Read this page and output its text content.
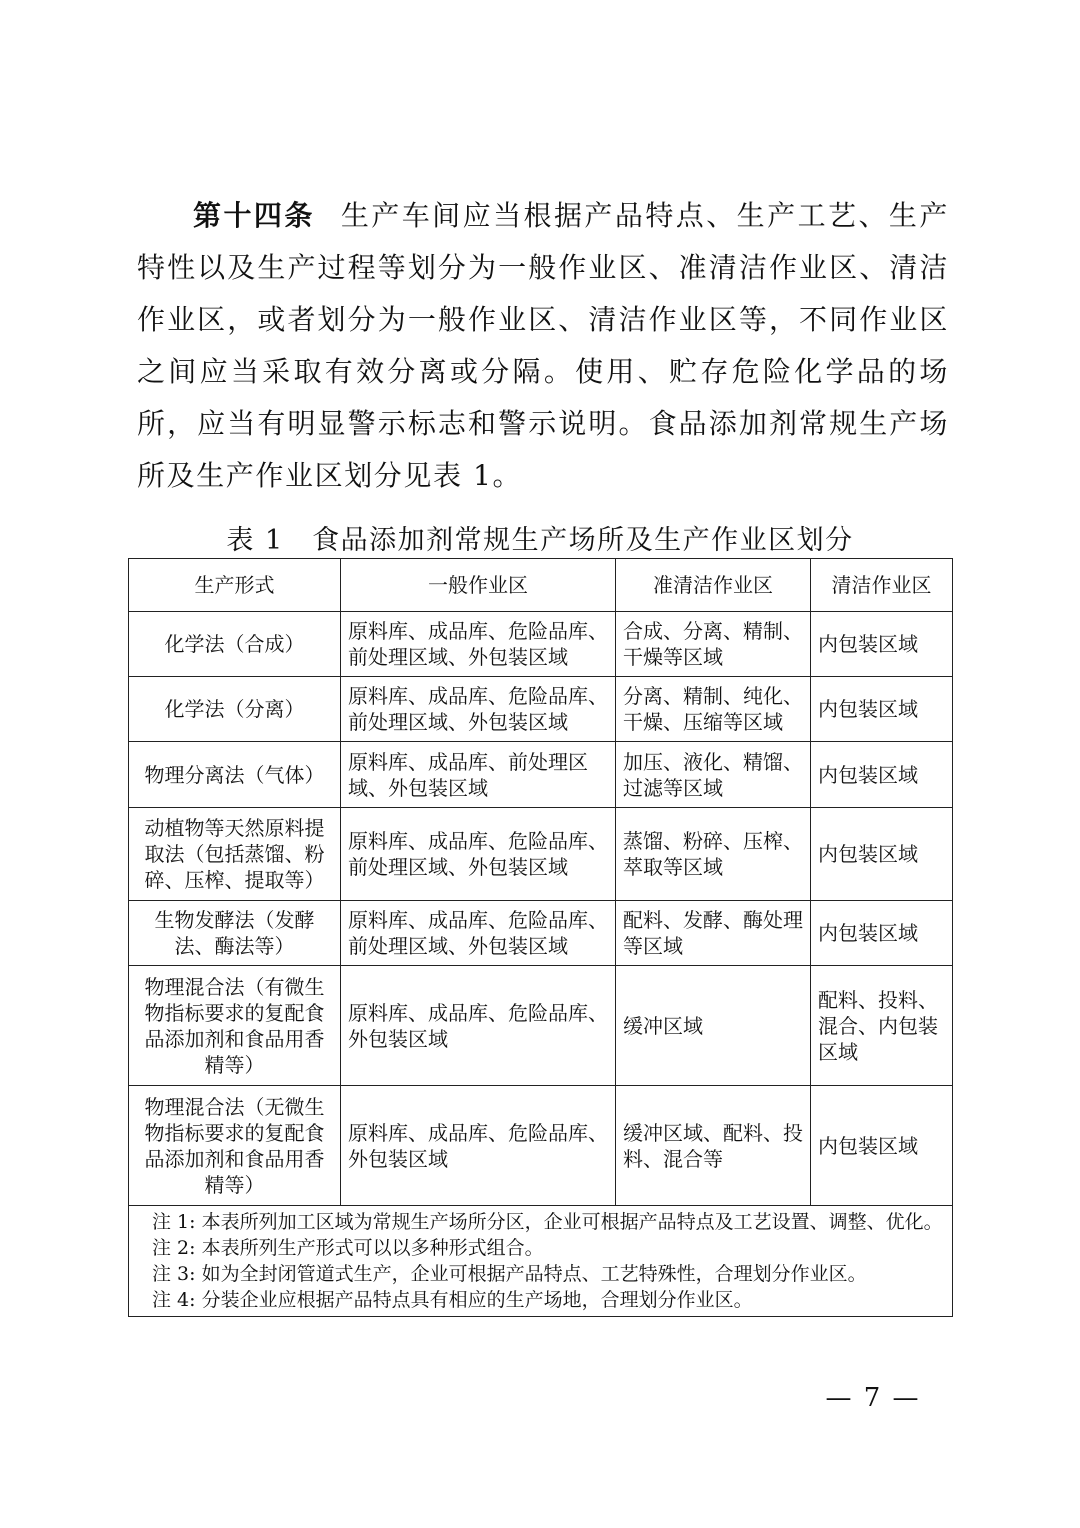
第十四条 生产车间应当根据产品特点、生产工艺、生产特性以及生产过程等划分为一般作业区、准清洁作业区、清洁作业区，或者划分为一般作业区、清洁作业区等，不同作业区之间应当采取有效分离或分隔。使用、贮存危险化学品的场所，应当有明显警示标志和警示说明。食品添加剂常规生产场所及生产作业区划分见表 1。

表 1　食品添加剂常规生产场所及生产作业区划分
生产形式	一般作业区	准清洁作业区	清洁作业区
化学法（合成）	原料库、成品库、危险品库、前处理区域、外包装区域	合成、分离、精制、干燥等区域	内包装区域
化学法（分离）	原料库、成品库、危险品库、前处理区域、外包装区域	分离、精制、纯化、干燥、压缩等区域	内包装区域
物理分离法（气体）	原料库、成品库、前处理区域、外包装区域	加压、液化、精馏、过滤等区域	内包装区域
动植物等天然原料提取法（包括蒸馏、粉碎、压榨、提取等）	原料库、成品库、危险品库、前处理区域、外包装区域	蒸馏、粉碎、压榨、萃取等区域	内包装区域
生物发酵法（发酵法、酶法等）	原料库、成品库、危险品库、前处理区域、外包装区域	配料、发酵、酶处理等区域	内包装区域
物理混合法（有微生物指标要求的复配食品添加剂和食品用香精等）	原料库、成品库、危险品库、外包装区域	缓冲区域	配料、投料、混合、内包装区域
物理混合法（无微生物指标要求的复配食品添加剂和食品用香精等）	原料库、成品库、危险品库、外包装区域	缓冲区域、配料、投料、混合等	内包装区域

注 1: 本表所列加工区域为常规生产场所分区，企业可根据产品特点及工艺设置、调整、优化。
注 2: 本表所列生产形式可以以多种形式组合。
注 3: 如为全封闭管道式生产，企业可根据产品特点、工艺特殊性，合理划分作业区。
注 4: 分装企业应根据产品特点具有相应的生产场地，合理划分作业区。			
— 7 —
